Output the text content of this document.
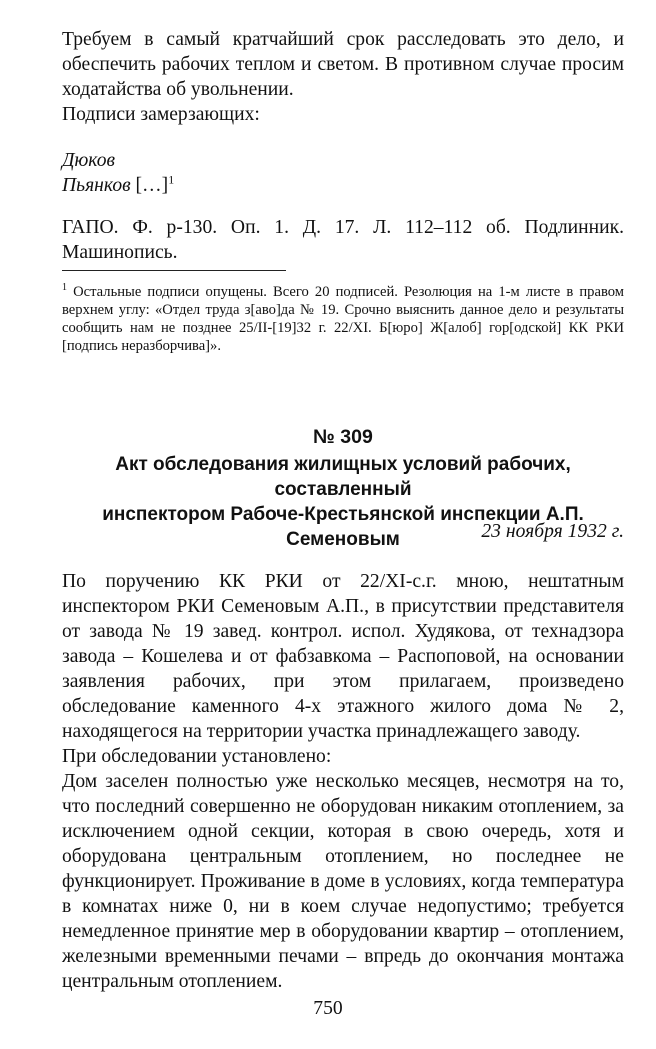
Требуем в самый кратчайший срок расследовать это дело, и обеспечить рабочих теплом и светом. В противном случае просим ходатайства об увольнении.

Подписи замерзающих:

Дюков

Пьянков […]$^1$

ГАПО. Ф. р-130. Оп. 1. Д. 17. Л. 112–112 об. Подлинник. Машинопись.

$^1$ Остальные подписи опущены. Всего 20 подписей. Резолюция на 1-м листе в правом верхнем углу: «Отдел труда з[аво]да № 19. Срочно выяснить данное дело и результаты сообщить нам не позднее 25/II-[19]32 г. 22/XI. Б[юро] Ж[алоб] гор[одской] КК РКИ [подпись неразборчива]».

№ 309

Акт обследования жилищных условий рабочих, составленный

инспектором Рабоче-Крестьянской инспекции А.П. Семеновым	23 ноября 1932 г.

По поручению КК РКИ от 22/XI-с.г. мною, нештатным инспектором РКИ Семеновым А.П., в присутствии представителя от завода № 19 завед. контрол. испол. Худякова, от технадзора завода – Кошелева и от фабзавкома – Распоповой, на основании заявления рабочих, при этом прилагаем, произведено обследование каменного 4-х этажного жилого дома № 2, находящегося на территории участка принадлежащего заводу.

При обследовании установлено:

Дом заселен полностью уже несколько месяцев, несмотря на то, что последний совершенно не оборудован никаким отоплением, за исключением одной секции, которая в свою очередь, хотя и оборудована центральным отоплением, но последнее не функционирует. Проживание в доме в условиях, когда температура в комнатах ниже 0, ни в коем случае недопустимо; требуется немедленное принятие мер в оборудовании квартир – отоплением, железными временными печами – впредь до окончания монтажа центральным отоплением.

750
